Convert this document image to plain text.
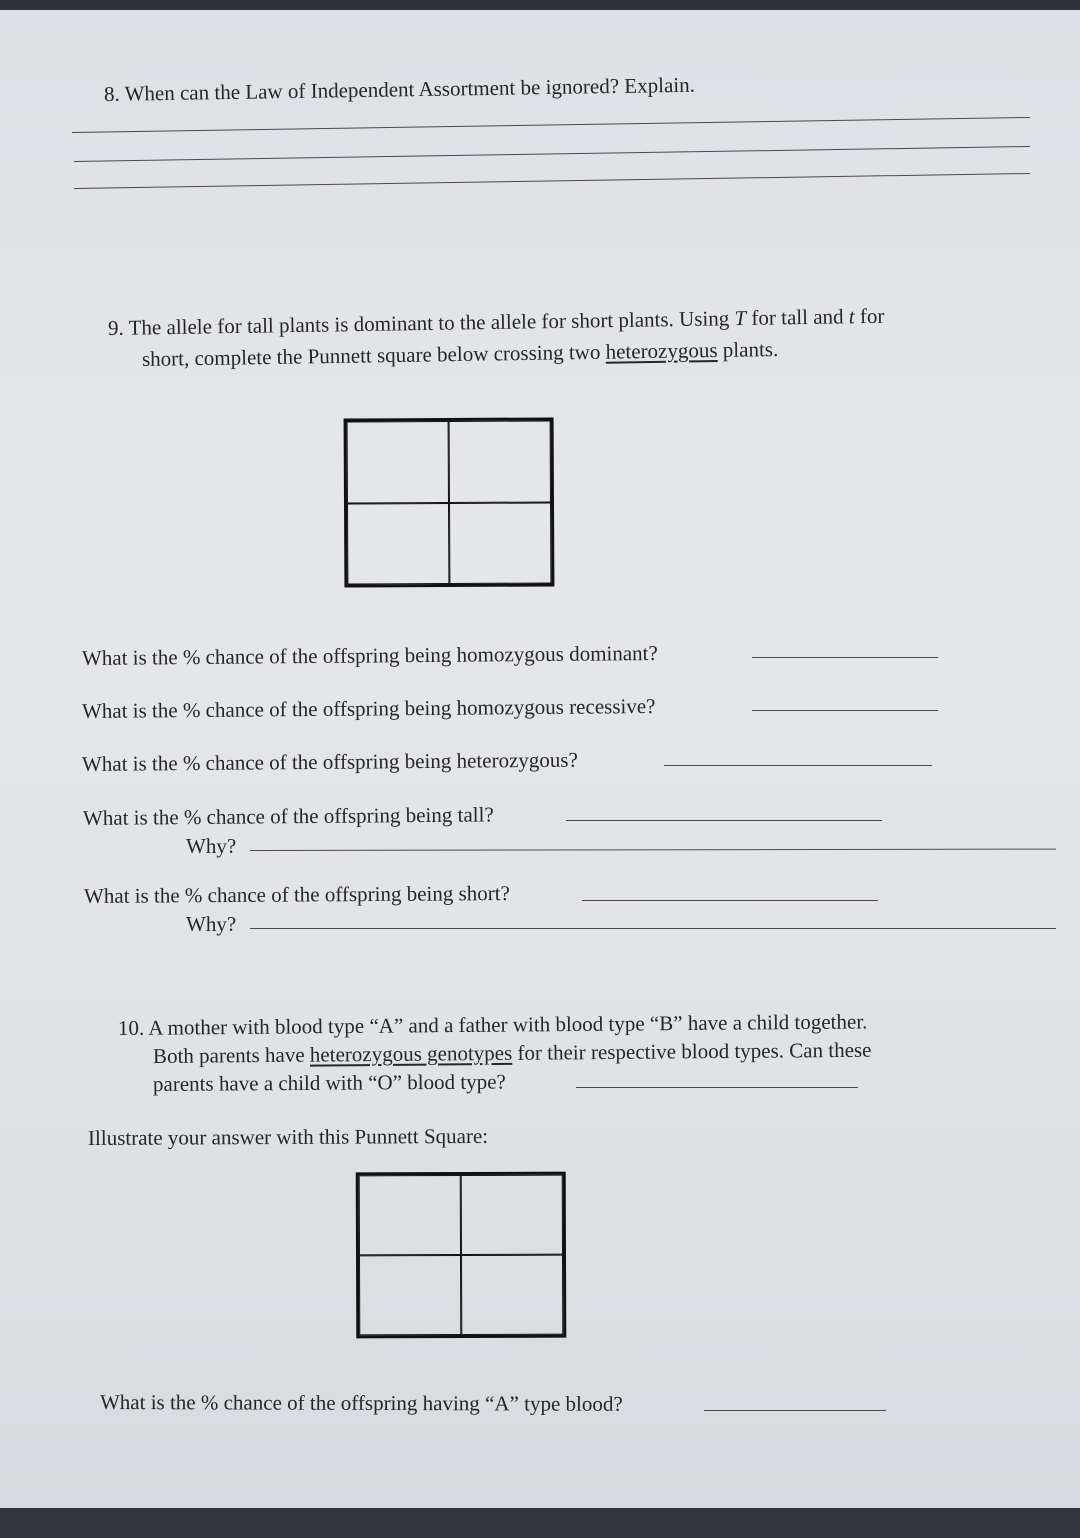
8. When can the Law of Independent Assortment be ignored? Explain.
9. The allele for tall plants is dominant to the allele for short plants. Using T for tall and t for
short, complete the Punnett square below crossing two heterozygous plants.
What is the % chance of the offspring being homozygous dominant?
What is the % chance of the offspring being homozygous recessive?
What is the % chance of the offspring being heterozygous?
What is the % chance of the offspring being tall?
Why?
What is the % chance of the offspring being short?
Why?
10. A mother with blood type “A” and a father with blood type “B” have a child together.
Both parents have heterozygous genotypes for their respective blood types. Can these
parents have a child with “O” blood type?
Illustrate your answer with this Punnett Square:
What is the % chance of the offspring having “A” type blood?
